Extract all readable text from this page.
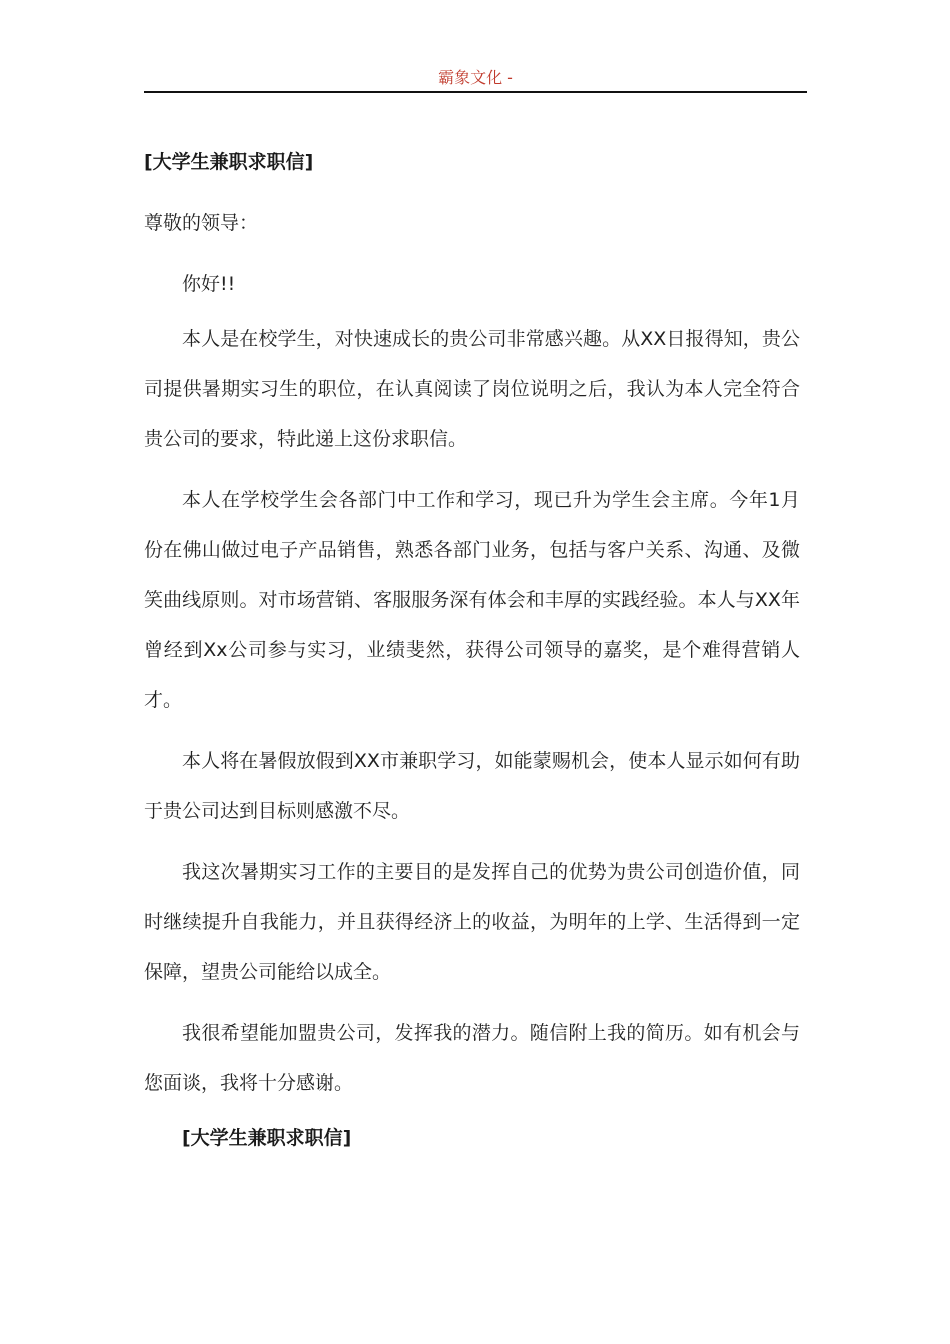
霸象文化 -
[大学生兼职求职信]
尊敬的领导：
你好!!
本人是在校学生，对快速成长的贵公司非常感兴趣。从XX日报得知，贵公司提供暑期实习生的职位，在认真阅读了岗位说明之后，我认为本人完全符合贵公司的要求，特此递上这份求职信。
本人在学校学生会各部门中工作和学习，现已升为学生会主席。今年1月份在佛山做过电子产品销售，熟悉各部门业务，包括与客户关系、沟通、及微笑曲线原则。对市场营销、客服服务深有体会和丰厚的实践经验。本人与XX年曾经到Xx公司参与实习，业绩斐然，获得公司领导的嘉奖，是个难得营销人才。
本人将在暑假放假到XX市兼职学习，如能蒙赐机会，使本人显示如何有助于贵公司达到目标则感激不尽。
我这次暑期实习工作的主要目的是发挥自己的优势为贵公司创造价值，同时继续提升自我能力，并且获得经济上的收益，为明年的上学、生活得到一定保障，望贵公司能给以成全。
我很希望能加盟贵公司，发挥我的潜力。随信附上我的简历。如有机会与您面谈，我将十分感谢。
[大学生兼职求职信]
